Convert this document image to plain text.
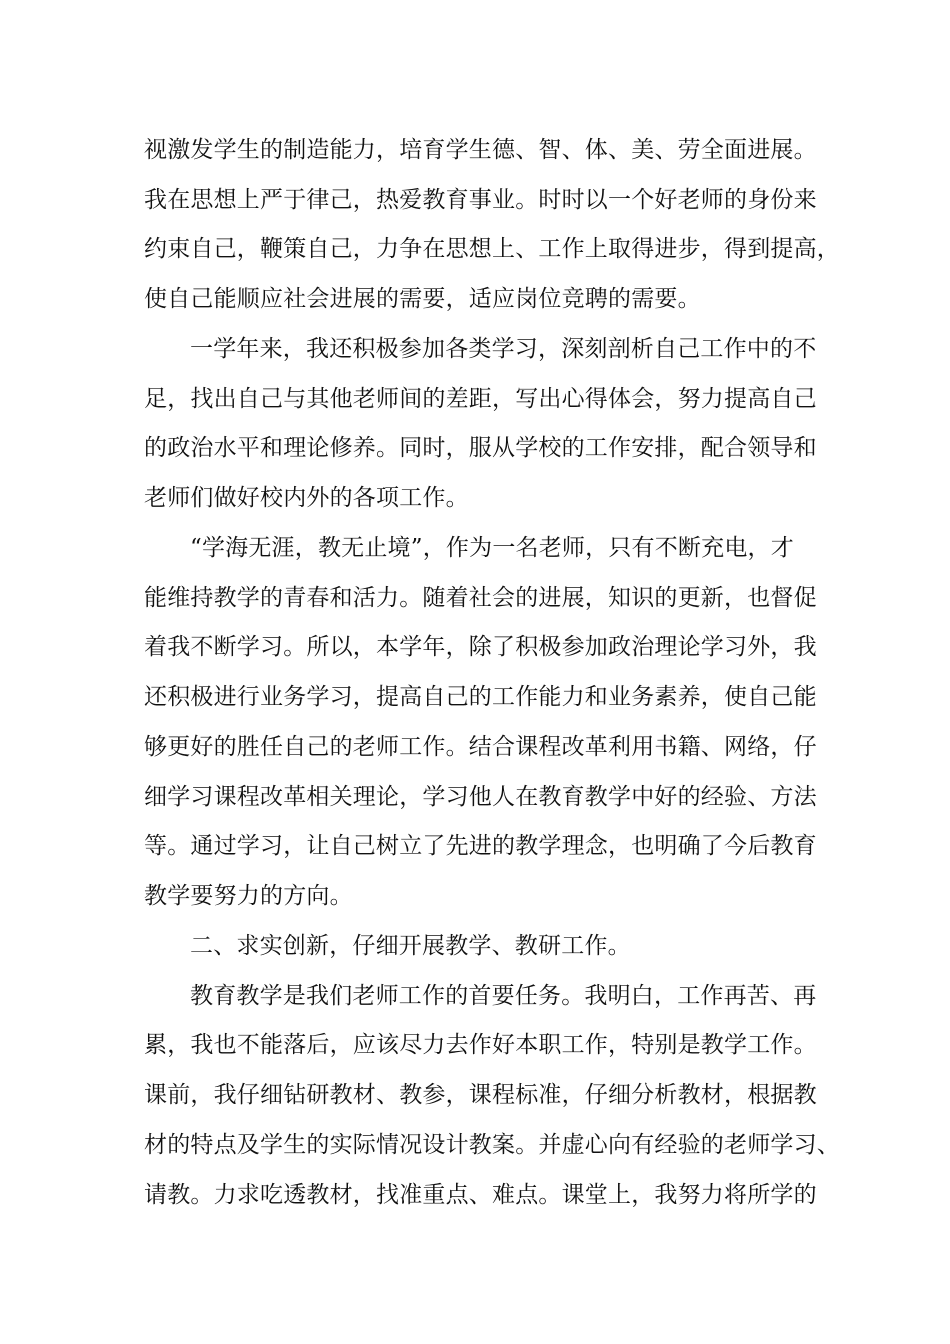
视激发学生的制造能力，培育学生德、智、体、美、劳全面进展。
我在思想上严于律己，热爱教育事业。时时以一个好老师的身份来
约束自己，鞭策自己，力争在思想上、工作上取得进步，得到提高，
使自己能顺应社会进展的需要，适应岗位竞聘的需要。
一学年来，我还积极参加各类学习，深刻剖析自己工作中的不
足，找出自己与其他老师间的差距，写出心得体会，努力提高自己
的政治水平和理论修养。同时，服从学校的工作安排，配合领导和
老师们做好校内外的各项工作。
“学海无涯，教无止境”，作为一名老师，只有不断充电，才
能维持教学的青春和活力。随着社会的进展，知识的更新，也督促
着我不断学习。所以，本学年，除了积极参加政治理论学习外，我
还积极进行业务学习，提高自己的工作能力和业务素养，使自己能
够更好的胜任自己的老师工作。结合课程改革利用书籍、网络，仔
细学习课程改革相关理论，学习他人在教育教学中好的经验、方法
等。通过学习，让自己树立了先进的教学理念，也明确了今后教育
教学要努力的方向。
二、求实创新，仔细开展教学、教研工作。
教育教学是我们老师工作的首要任务。我明白，工作再苦、再
累，我也不能落后，应该尽力去作好本职工作，特别是教学工作。
课前，我仔细钻研教材、教参，课程标准，仔细分析教材，根据教
材的特点及学生的实际情况设计教案。并虚心向有经验的老师学习、
请教。力求吃透教材，找准重点、难点。课堂上，我努力将所学的
